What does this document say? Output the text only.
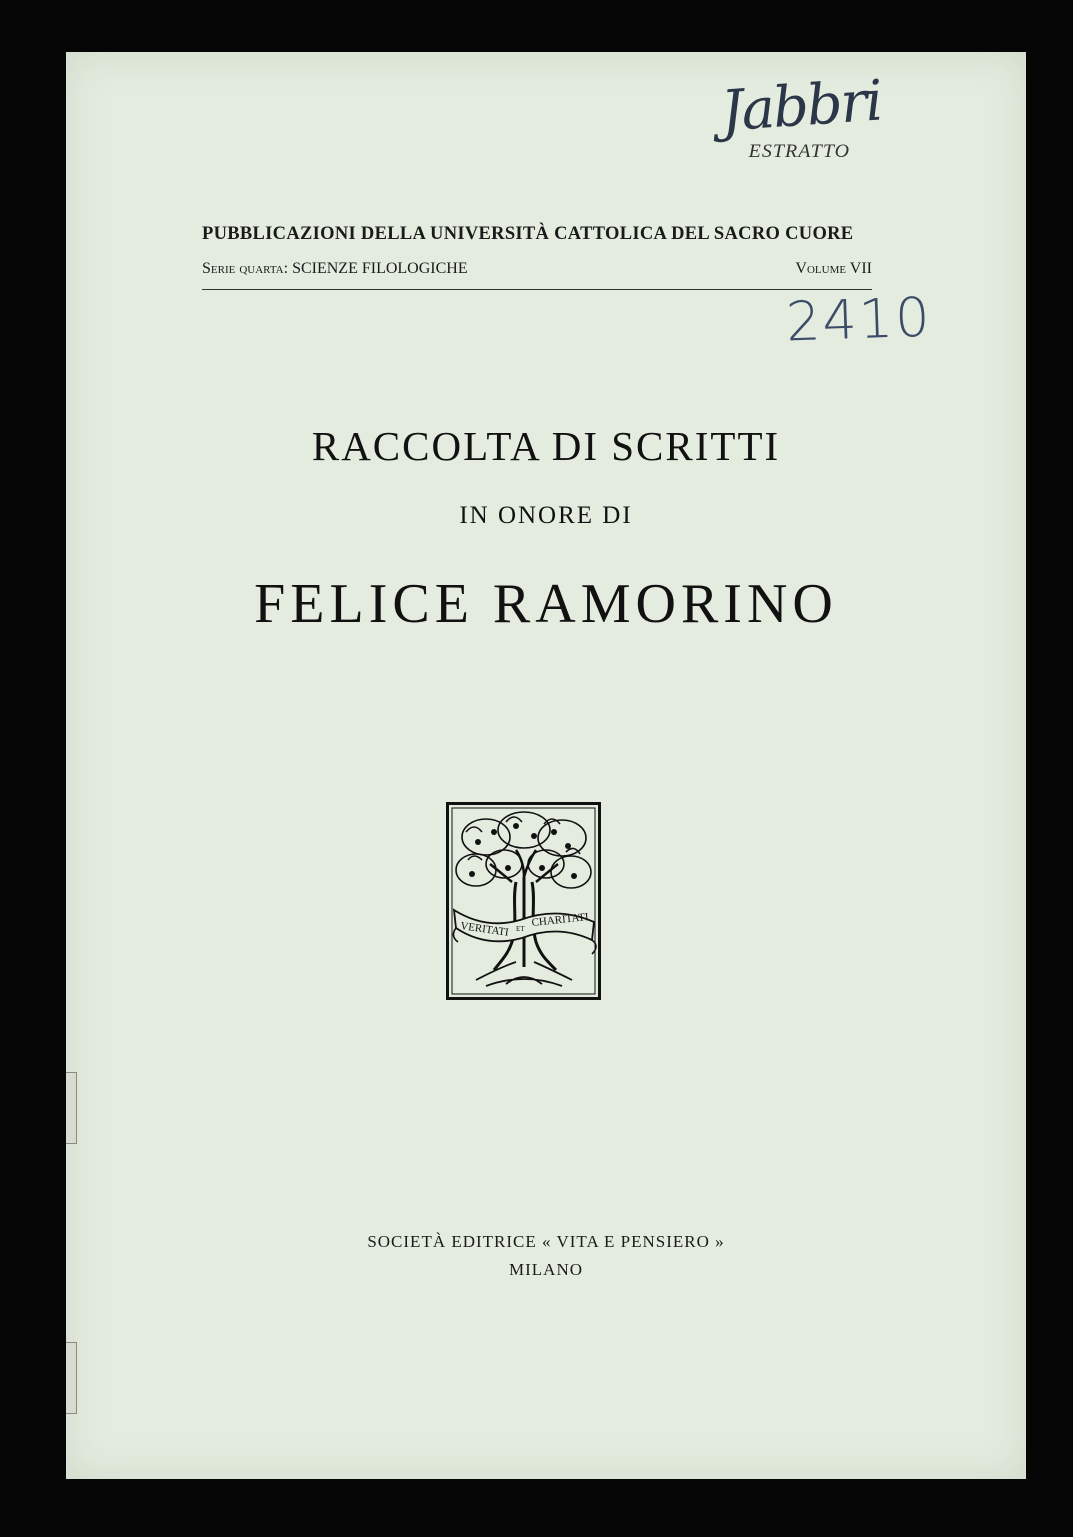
Jabbri
ESTRATTO
PUBBLICAZIONI DELLA UNIVERSITÀ CATTOLICA DEL SACRO CUORE
Serie quarta: SCIENZE FILOLOGICHE	Volume VII
2410
RACCOLTA DI SCRITTI
IN ONORE DI
FELICE RAMORINO
VERITATI ET
CHARITATI
SOCIETÀ EDITRICE « VITA E PENSIERO »
MILANO
